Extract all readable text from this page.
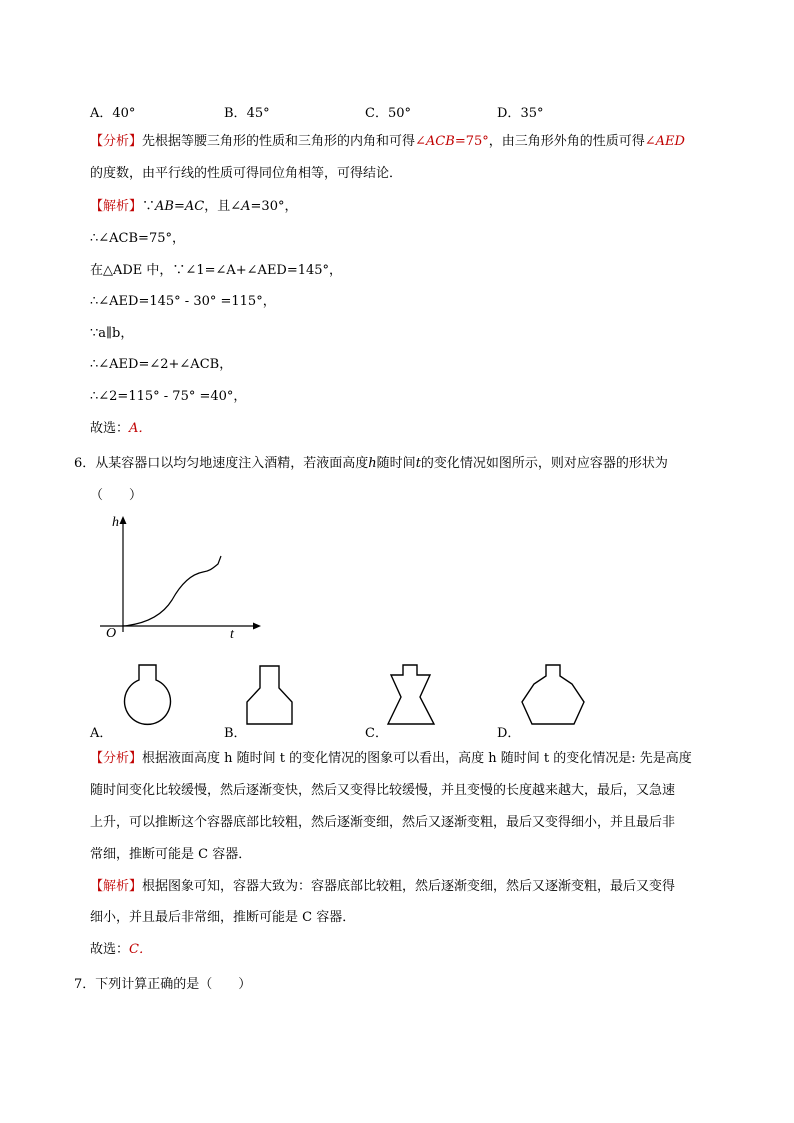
A．40°	B．45°	C．50°	D．35°
【分析】先根据等腰三角形的性质和三角形的内角和可得∠ACB=75°，由三角形外角的性质可得∠AED
的度数，由平行线的性质可得同位角相等，可得结论．
【解析】∵AB=AC，且∠A=30°，
∴∠ACB=75°，
在△ADE 中，∵∠1=∠A+∠AED=145°，
∴∠AED=145° - 30° =115°，
∵a∥b，
∴∠AED=∠2+∠ACB，
∴∠2=115° - 75° =40°，
故选：A．
6．从某容器口以均匀地速度注入酒精，若液面高度h随时间t的变化情况如图所示，则对应容器的形状为
（　　）
h
t
O
A．	B．	C．	D．
【分析】根据液面高度 h 随时间 t 的变化情况的图象可以看出，高度 h 随时间 t 的变化情况是: 先是高度
随时间变化比较缓慢，然后逐渐变快，然后又变得比较缓慢，并且变慢的长度越来越大，最后，又急速
上升，可以推断这个容器底部比较粗，然后逐渐变细，然后又逐渐变粗，最后又变得细小，并且最后非
常细，推断可能是 C 容器．
【解析】根据图象可知，容器大致为：容器底部比较粗，然后逐渐变细，然后又逐渐变粗，最后又变得
细小，并且最后非常细，推断可能是 C 容器．
故选：C．
7．下列计算正确的是（　　）
